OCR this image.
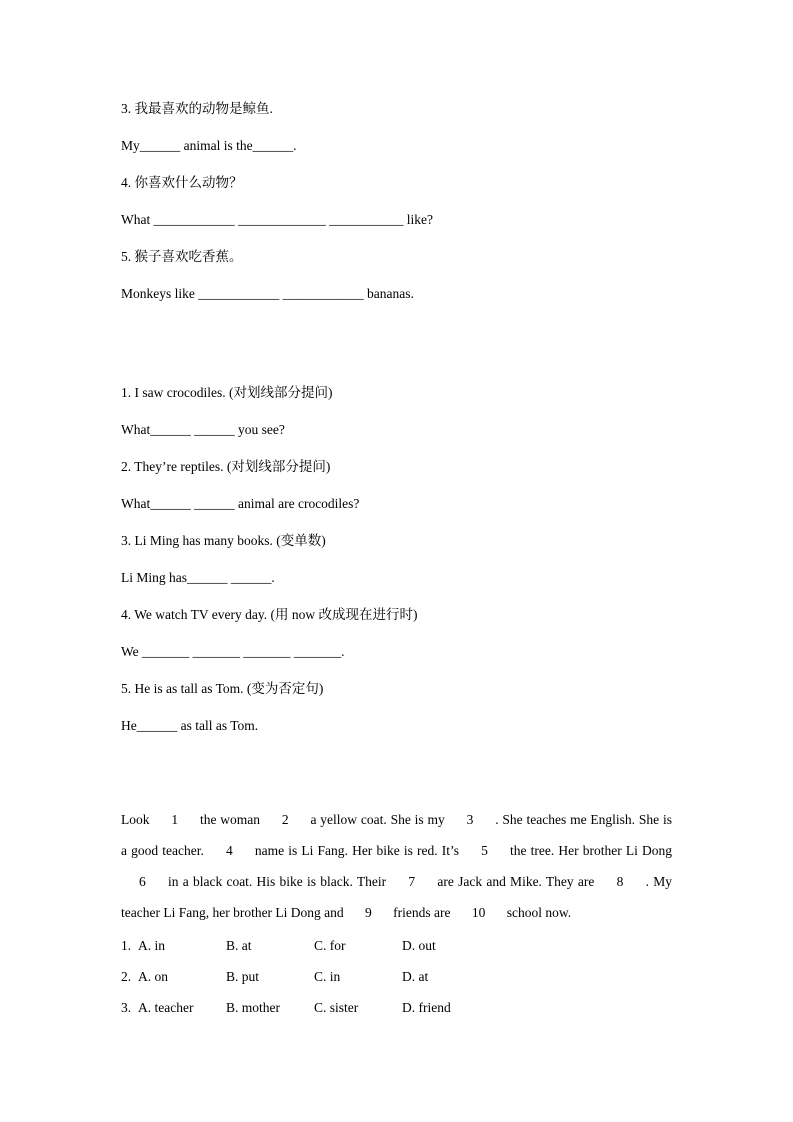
3. 我最喜欢的动物是鲸鱼.

My______ animal is the______.

4. 你喜欢什么动物？

What ____________ _____________ ___________ like?

5. 猴子喜欢吃香蕉。

Monkeys like ____________ ____________ bananas.

1. I saw crocodiles. (对划线部分提问)

What______ ______ you see?

2. They’re reptiles. (对划线部分提问)

What______ ______ animal are crocodiles?

3. Li Ming has many books. (变单数)

Li Ming has______ ______.

4. We watch TV every day. (用 now 改成现在进行时)

We _______ _______ _______ _______.

5. He is as tall as Tom. (变为否定句)

He______ as tall as Tom.

Look 1 the woman 2 a yellow coat. She is my 3 . She teaches me English. She is a good teacher. 4 name is Li Fang. Her bike is red. It’s 5 the tree. Her brother Li Dong 6 in a black coat. His bike is black. Their 7 are Jack and Mike. They are 8 . My teacher Li Fang, her brother Li Dong and 9 friends are 10 school now.
1. A. in	B. at	C. for	D. out
2. A. on	B. put	C. in	D. at
3. A. teacher	B. mother	C. sister	D. friend
